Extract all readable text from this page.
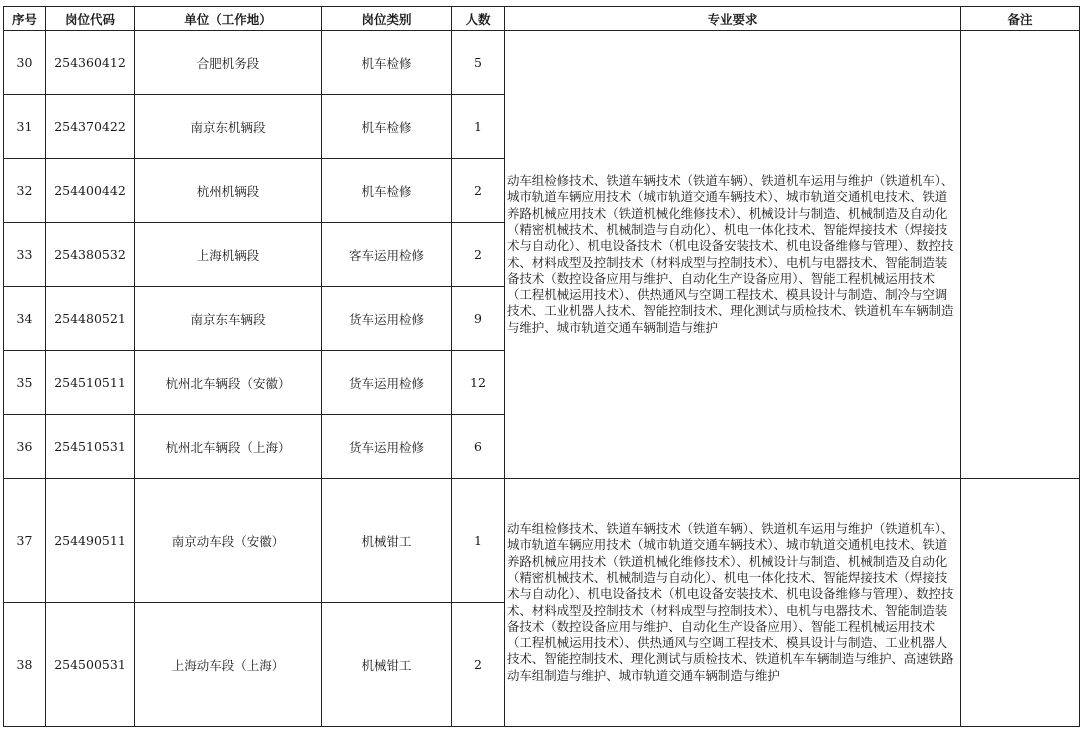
序号	岗位代码	单位（工作地）	岗位类别	人数	专业要求	备注
30	254360412	合肥机务段	机车检修	5	动车组检修技术、铁道车辆技术（铁道车辆）、铁道机车运用与维护（铁道机车）、城市轨道车辆应用技术（城市轨道交通车辆技术）、城市轨道交通机电技术、铁道养路机械应用技术（铁道机械化维修技术）、机械设计与制造、机械制造及自动化（精密机械技术、机械制造与自动化）、机电一体化技术、智能焊接技术（焊接技术与自动化）、机电设备技术（机电设备安装技术、机电设备维修与管理）、数控技术、材料成型及控制技术（材料成型与控制技术）、电机与电器技术、智能制造装备技术（数控设备应用与维护、自动化生产设备应用）、智能工程机械运用技术（工程机械运用技术）、供热通风与空调工程技术、模具设计与制造、制冷与空调技术、工业机器人技术、智能控制技术、理化测试与质检技术、铁道机车车辆制造与维护、城市轨道交通车辆制造与维护	
31	254370422	南京东机辆段	机车检修	1		
32	254400442	杭州机辆段	机车检修	2		
33	254380532	上海机辆段	客车运用检修	2		
34	254480521	南京东车辆段	货车运用检修	9		
35	254510511	杭州北车辆段（安徽）	货车运用检修	12		
36	254510531	杭州北车辆段（上海）	货车运用检修	6		
37	254490511	南京动车段（安徽）	机械钳工	1	动车组检修技术、铁道车辆技术（铁道车辆）、铁道机车运用与维护（铁道机车）、城市轨道车辆应用技术（城市轨道交通车辆技术）、城市轨道交通机电技术、铁道养路机械应用技术（铁道机械化维修技术）、机械设计与制造、机械制造及自动化（精密机械技术、机械制造与自动化）、机电一体化技术、智能焊接技术（焊接技术与自动化）、机电设备技术（机电设备安装技术、机电设备维修与管理）、数控技术、材料成型及控制技术（材料成型与控制技术）、电机与电器技术、智能制造装备技术（数控设备应用与维护、自动化生产设备应用）、智能工程机械运用技术（工程机械运用技术）、供热通风与空调工程技术、模具设计与制造、工业机器人技术、智能控制技术、理化测试与质检技术、铁道机车车辆制造与维护、高速铁路动车组制造与维护、城市轨道交通车辆制造与维护	
38	254500531	上海动车段（上海）	机械钳工	2		
